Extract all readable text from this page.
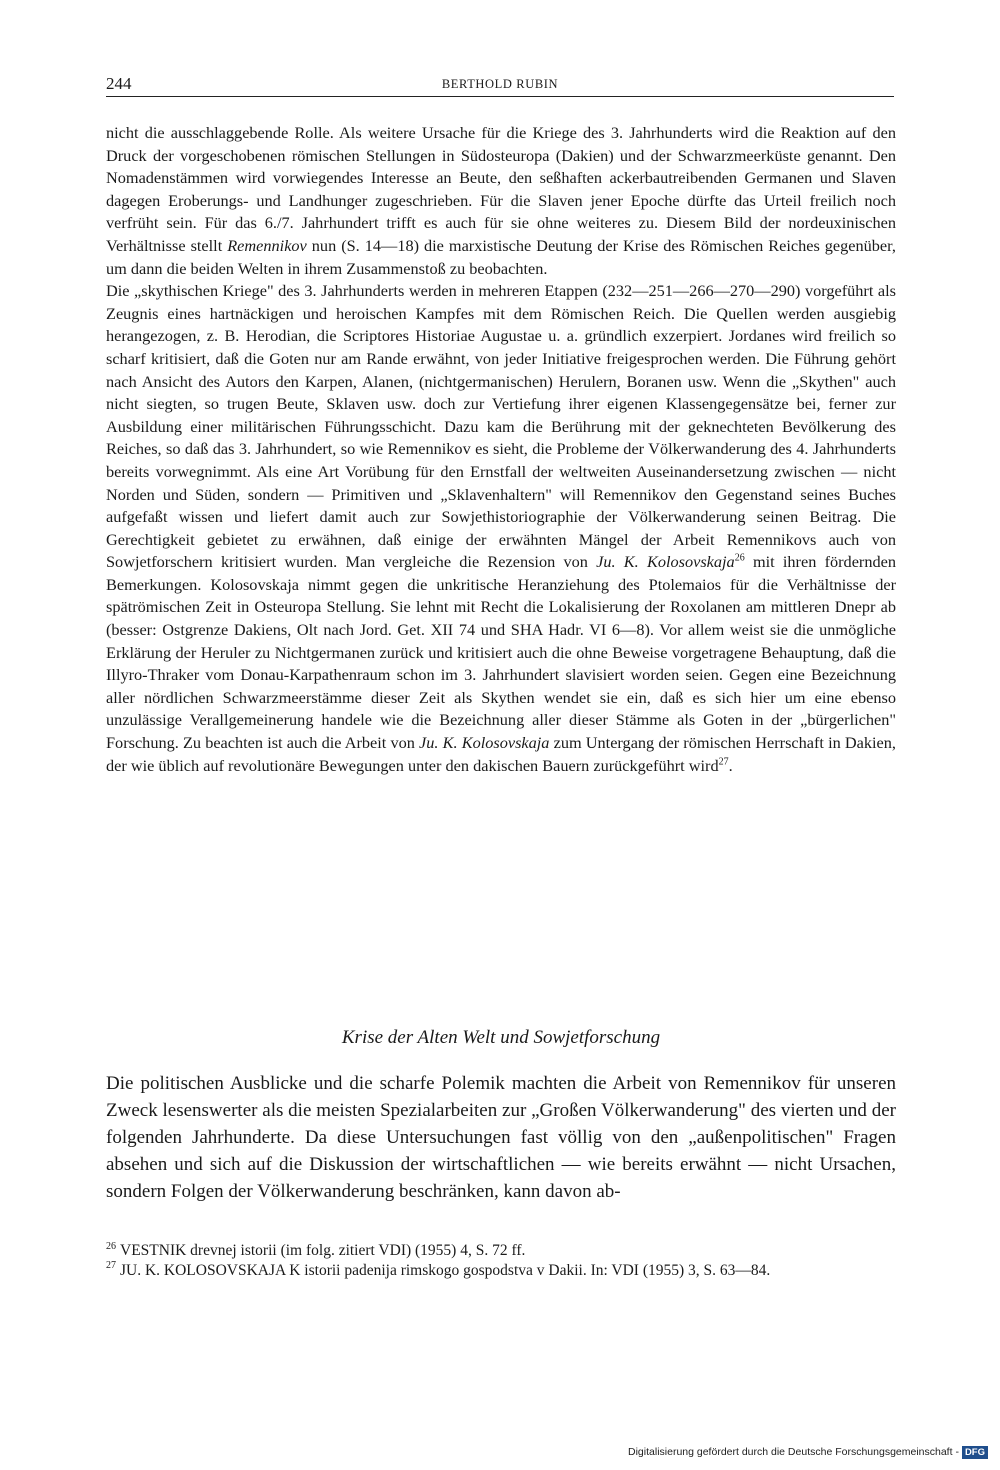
244	BERTHOLD RUBIN

nicht die ausschlaggebende Rolle. Als weitere Ursache für die Kriege des 3. Jahrhunderts wird die Reaktion auf den Druck der vorgeschobenen römischen Stellungen in Südosteuropa (Dakien) und der Schwarzmeerküste genannt. Den Nomadenstämmen wird vorwiegendes Interesse an Beute, den seßhaften ackerbautreibenden Germanen und Slaven dagegen Eroberungs- und Landhunger zugeschrieben. Für die Slaven jener Epoche dürfte das Urteil freilich noch verfrüht sein. Für das 6./7. Jahrhundert trifft es auch für sie ohne weiteres zu. Diesem Bild der nordeuxinischen Verhältnisse stellt Remennikov nun (S. 14—18) die marxistische Deutung der Krise des Römischen Reiches gegenüber, um dann die beiden Welten in ihrem Zusammenstoß zu beobachten.

Die „skythischen Kriege" des 3. Jahrhunderts werden in mehreren Etappen (232—251—266—270—290) vorgeführt als Zeugnis eines hartnäckigen und heroischen Kampfes mit dem Römischen Reich. Die Quellen werden ausgiebig herangezogen, z. B. Herodian, die Scriptores Historiae Augustae u. a. gründlich exzerpiert. Jordanes wird freilich so scharf kritisiert, daß die Goten nur am Rande erwähnt, von jeder Initiative freigesprochen werden. Die Führung gehört nach Ansicht des Autors den Karpen, Alanen, (nichtgermanischen) Herulern, Boranen usw. Wenn die „Skythen" auch nicht siegten, so trugen Beute, Sklaven usw. doch zur Vertiefung ihrer eigenen Klassengegensätze bei, ferner zur Ausbildung einer militärischen Führungsschicht. Dazu kam die Berührung mit der geknechteten Bevölkerung des Reiches, so daß das 3. Jahrhundert, so wie Remennikov es sieht, die Probleme der Völkerwanderung des 4. Jahrhunderts bereits vorwegnimmt. Als eine Art Vorübung für den Ernstfall der weltweiten Auseinandersetzung zwischen — nicht Norden und Süden, sondern — Primitiven und „Sklavenhaltern" will Remennikov den Gegenstand seines Buches aufgefaßt wissen und liefert damit auch zur Sowjethistoriographie der Völkerwanderung seinen Beitrag. Die Gerechtigkeit gebietet zu erwähnen, daß einige der erwähnten Mängel der Arbeit Remennikovs auch von Sowjetforschern kritisiert wurden. Man vergleiche die Rezension von Ju. K. Kolosovskaja$^{26}$ mit ihren fördernden Bemerkungen. Kolosovskaja nimmt gegen die unkritische Heranziehung des Ptolemaios für die Verhältnisse der spätrömischen Zeit in Osteuropa Stellung. Sie lehnt mit Recht die Lokalisierung der Roxolanen am mittleren Dnepr ab (besser: Ostgrenze Dakiens, Olt nach Jord. Get. XII 74 und SHA Hadr. VI 6—8). Vor allem weist sie die unmögliche Erklärung der Heruler zu Nichtgermanen zurück und kritisiert auch die ohne Beweise vorgetragene Behauptung, daß die Illyro-Thraker vom Donau-Karpathenraum schon im 3. Jahrhundert slavisiert worden seien. Gegen eine Bezeichnung aller nördlichen Schwarzmeerstämme dieser Zeit als Skythen wendet sie ein, daß es sich hier um eine ebenso unzulässige Verallgemeinerung handele wie die Bezeichnung aller dieser Stämme als Goten in der „bürgerlichen" Forschung. Zu beachten ist auch die Arbeit von Ju. K. Kolosovskaja zum Untergang der römischen Herrschaft in Dakien, der wie üblich auf revolutionäre Bewegungen unter den dakischen Bauern zurückgeführt wird$^{27}$.

Krise der Alten Welt und Sowjetforschung

Die politischen Ausblicke und die scharfe Polemik machten die Arbeit von Remennikov für unseren Zweck lesenswerter als die meisten Spezialarbeiten zur „Großen Völkerwanderung" des vierten und der folgenden Jahrhunderte. Da diese Untersuchungen fast völlig von den „außenpolitischen" Fragen absehen und sich auf die Diskussion der wirtschaftlichen — wie bereits erwähnt — nicht Ursachen, sondern Folgen der Völkerwanderung beschränken, kann davon ab-

$^{26}$ VESTNIK drevnej istorii (im folg. zitiert VDI) (1955) 4, S. 72 ff.

$^{27}$ JU. K. KOLOSOVSKAJA K istorii padenija rimskogo gospodstva v Dakii. In: VDI (1955) 3, S. 63—84.

Digitalisierung gefördert durch die Deutsche Forschungsgemeinschaft - DFG
